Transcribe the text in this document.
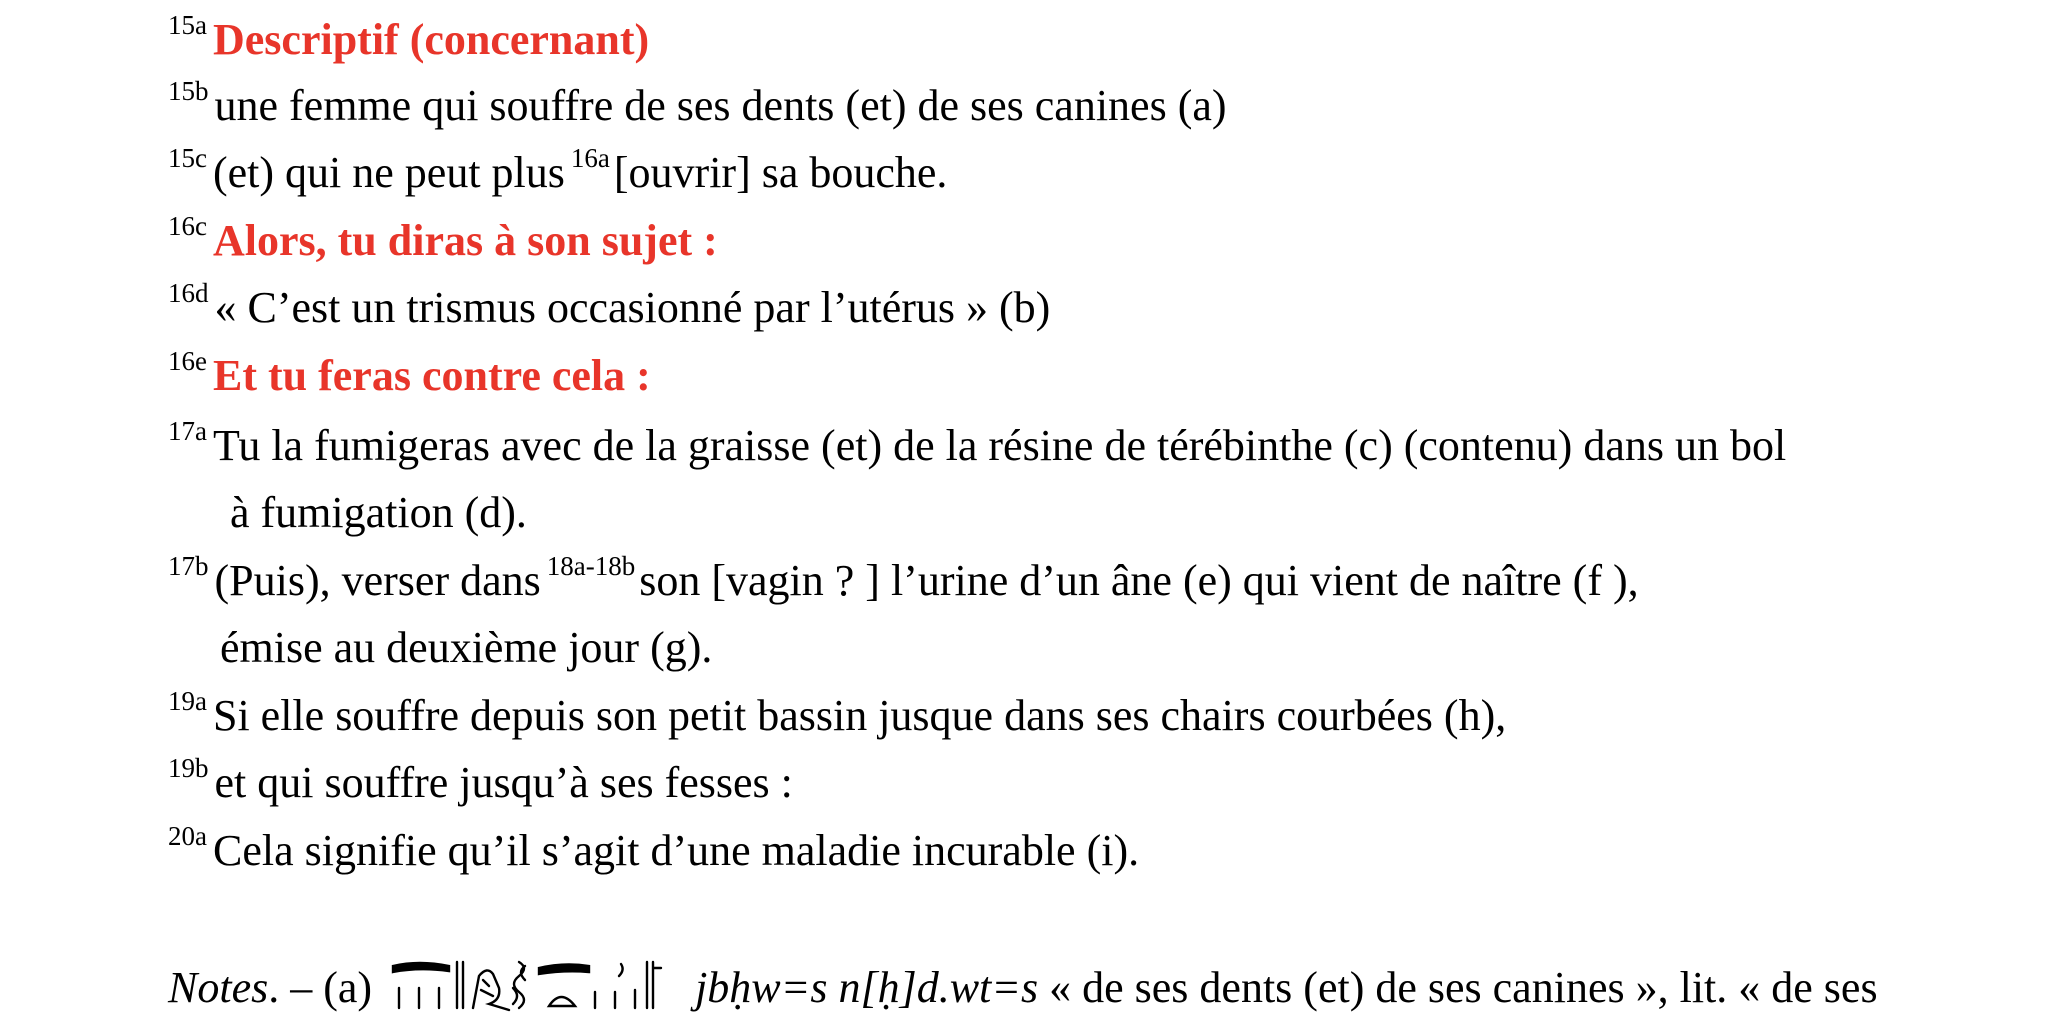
$^{15a}$ Descriptif (concernant)
$^{15b}$ une femme qui souffre de ses dents (et) de ses canines (a)
$^{15c}$ (et) qui ne peut plus $^{16a}$[ouvrir] sa bouche.
$^{16c}$ Alors, tu diras à son sujet :
$^{16d}$ « C’est un trismus occasionné par l’utérus » (b)
$^{16e}$ Et tu feras contre cela :
$^{17a}$ Tu la fumigeras avec de la graisse (et) de la résine de térébinthe (c) (contenu) dans un bol
à fumigation (d).
$^{17b}$ (Puis), verser dans $^{18a-18b}$son [vagin ? ] l’urine d’un âne (e) qui vient de naître (f ),
émise au deuxième jour (g).
$^{19a}$ Si elle souffre depuis son petit bassin jusque dans ses chairs courbées (h),
$^{19b}$ et qui souffre jusqu’à ses fesses :
$^{20a}$ Cela signifie qu’il s’agit d’une maladie incurable (i).
Notes. – (a)	jbḥw=s n[ḥ]d.wt=s « de ses dents (et) de ses canines », lit. « de ses
